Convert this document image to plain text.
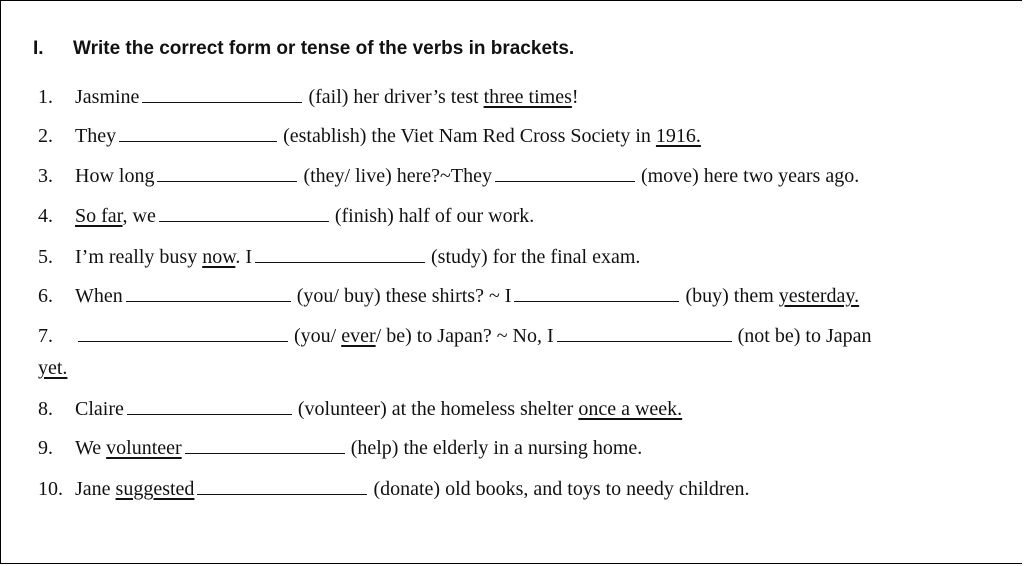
I. Write the correct form or tense of the verbs in brackets.
1. Jasmine	(fail) her driver’s test three times!
2. They	(establish) the Viet Nam Red Cross Society in 1916.
3. How long	(they/ live) here?~They	(move) here two years ago.
4. So far, we	(finish) half of our work.
5. I’m really busy now. I	(study) for the final exam.
6. When	(you/ buy) these shirts? ~ I	(buy) them yesterday.
7.	(you/ ever/ be) to Japan? ~ No, I	(not be) to Japan
yet.
8. Claire	(volunteer) at the homeless shelter once a week.
9. We volunteer	(help) the elderly in a nursing home.
10. Jane suggested	(donate) old books, and toys to needy children.
